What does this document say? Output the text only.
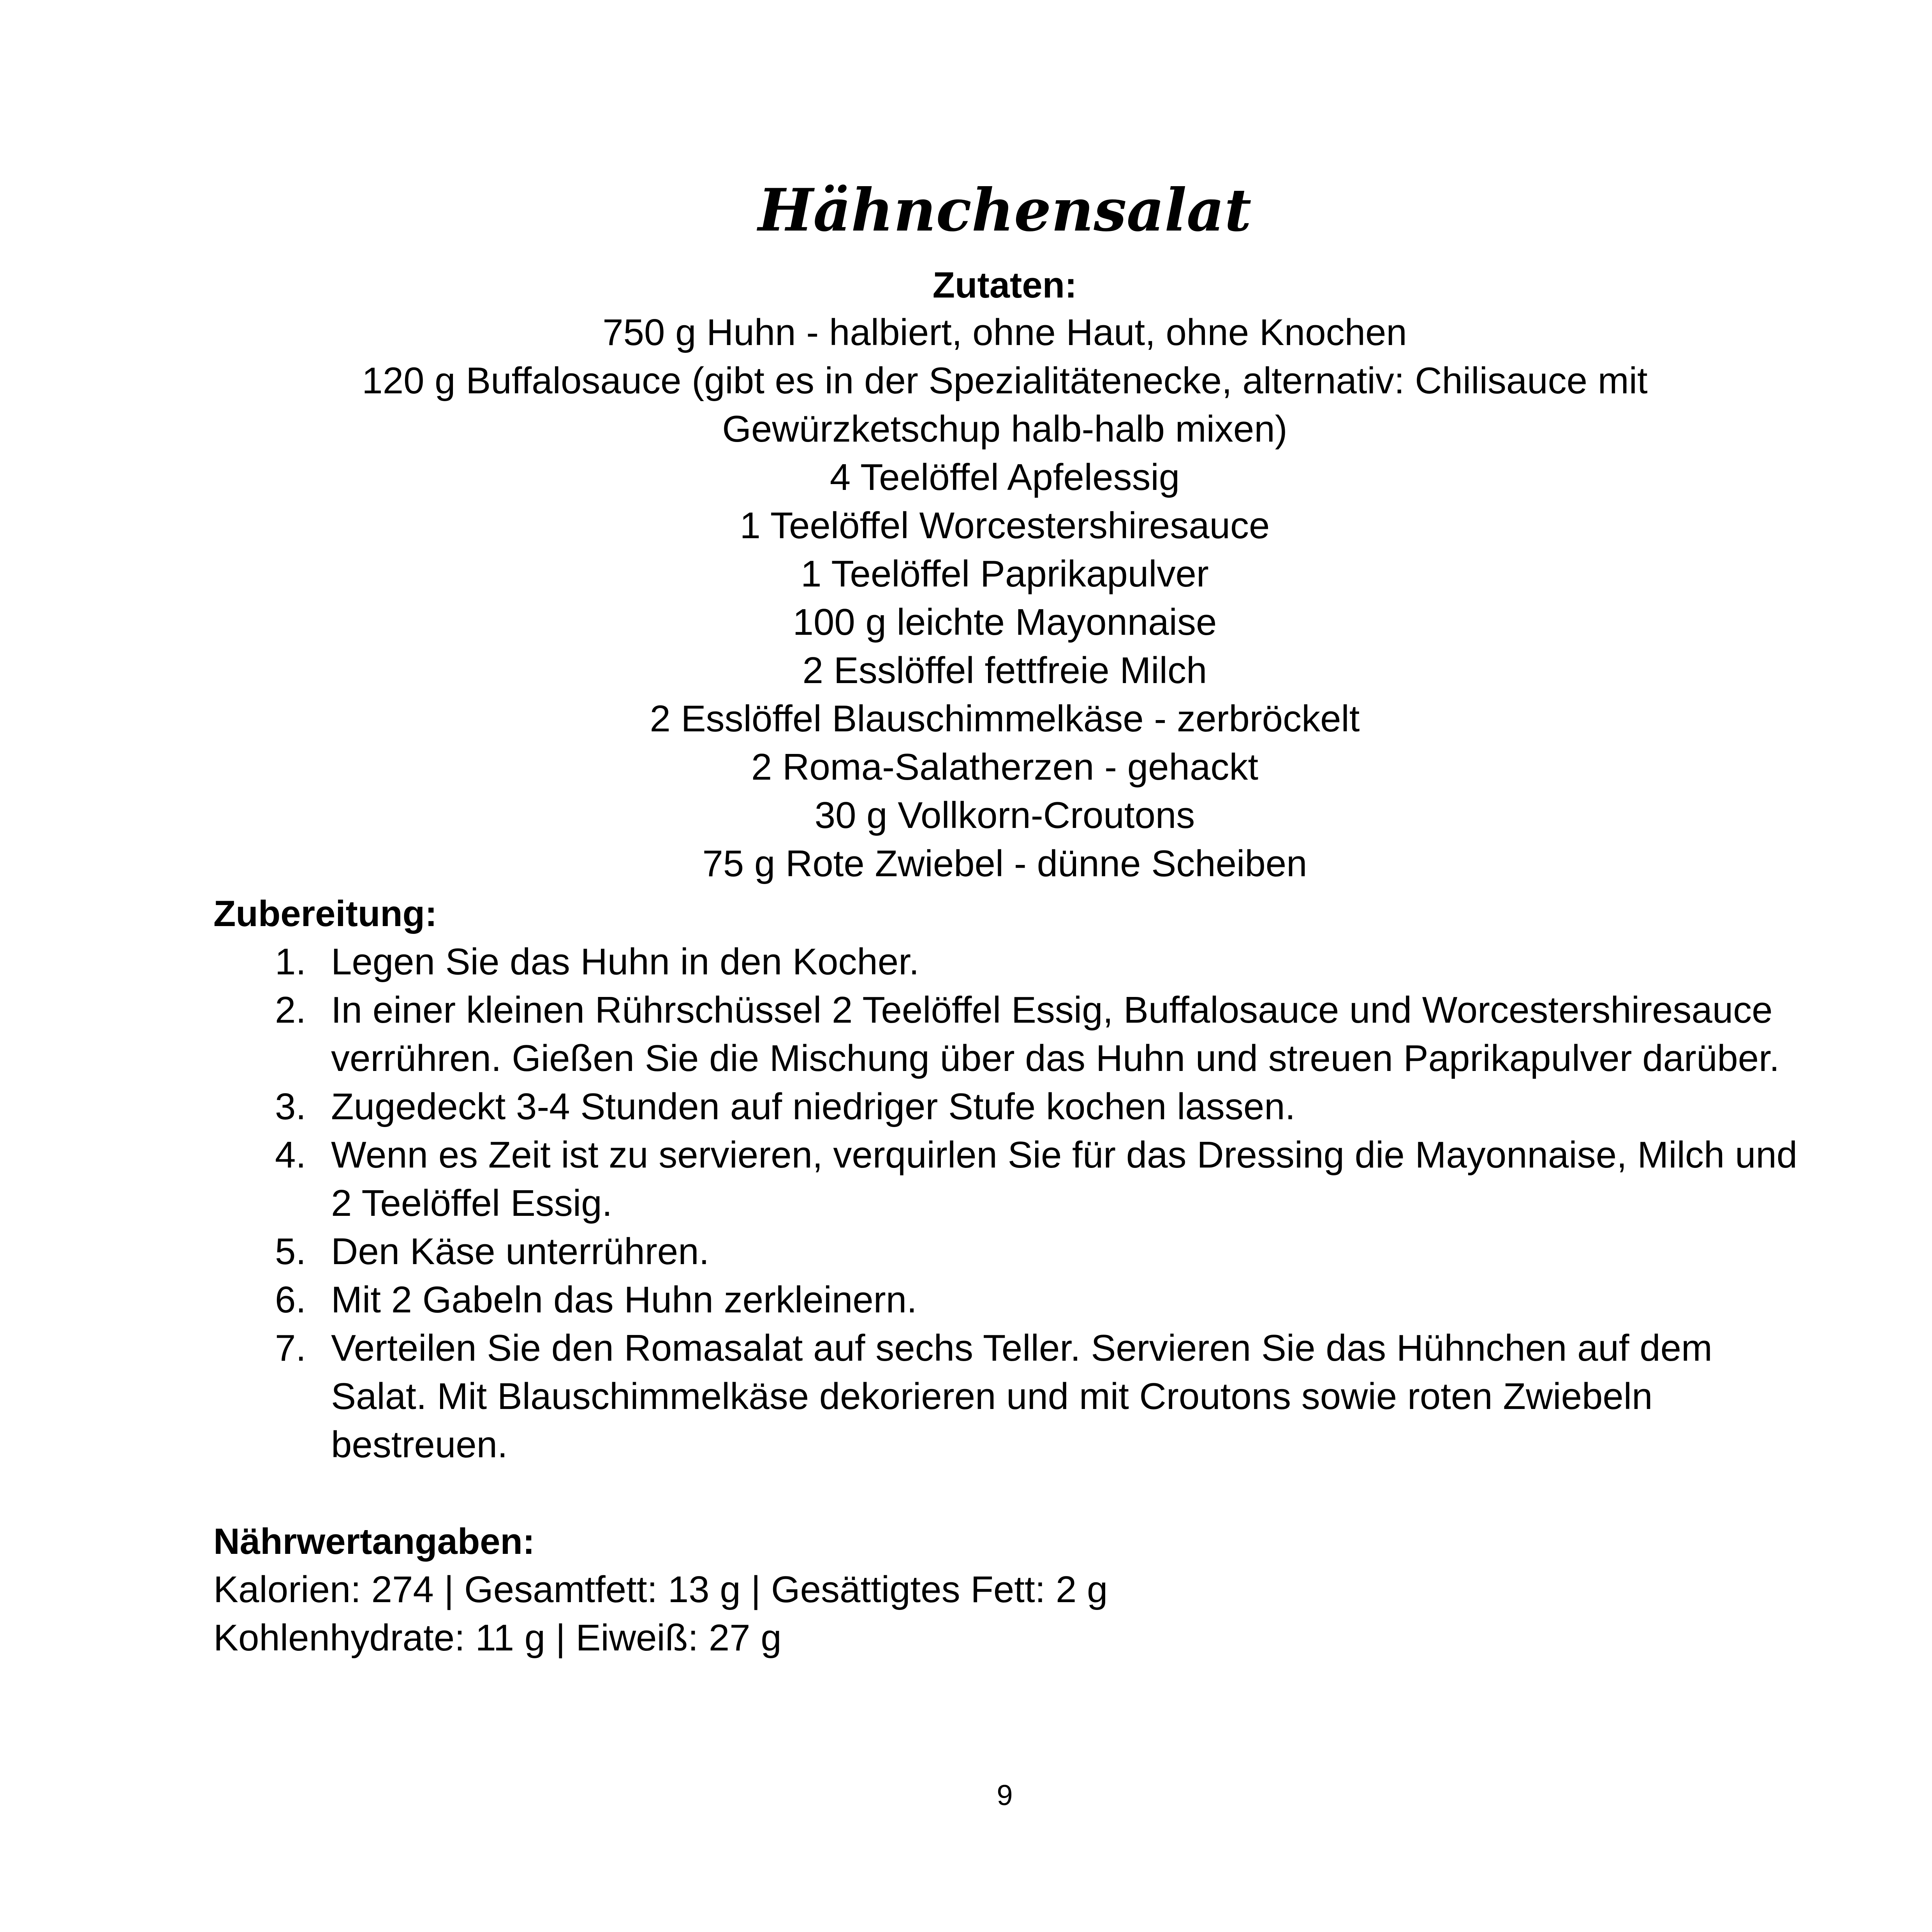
Hähnchensalat
Zutaten:
750 g Huhn - halbiert, ohne Haut, ohne Knochen
120 g Buffalosauce (gibt es in der Spezialitätenecke, alternativ: Chilisauce mit Gewürzketschup halb-halb mixen)
4 Teelöffel Apfelessig
1 Teelöffel Worcestershiresauce
1 Teelöffel Paprikapulver
100 g leichte Mayonnaise
2 Esslöffel fettfreie Milch
2 Esslöffel Blauschimmelkäse - zerbröckelt
2 Roma-Salatherzen - gehackt
30 g Vollkorn-Croutons
75 g Rote Zwiebel - dünne Scheiben
Zubereitung:
1. Legen Sie das Huhn in den Kocher.
2. In einer kleinen Rührschüssel 2 Teelöffel Essig, Buffalosauce und Worcestershiresauce verrühren. Gießen Sie die Mischung über das Huhn und streuen Paprikapulver darüber.
3. Zugedeckt 3-4 Stunden auf niedriger Stufe kochen lassen.
4. Wenn es Zeit ist zu servieren, verquirlen Sie für das Dressing die Mayonnaise, Milch und 2 Teelöffel Essig.
5. Den Käse unterrühren.
6. Mit 2 Gabeln das Huhn zerkleinern.
7. Verteilen Sie den Romasalat auf sechs Teller. Servieren Sie das Hühnchen auf dem Salat. Mit Blauschimmelkäse dekorieren und mit Croutons sowie roten Zwiebeln bestreuen.
Nährwertangaben:
Kalorien: 274 | Gesamtfett: 13 g | Gesättigtes Fett: 2 g
Kohlenhydrate: 11 g | Eiweiß: 27 g
9
